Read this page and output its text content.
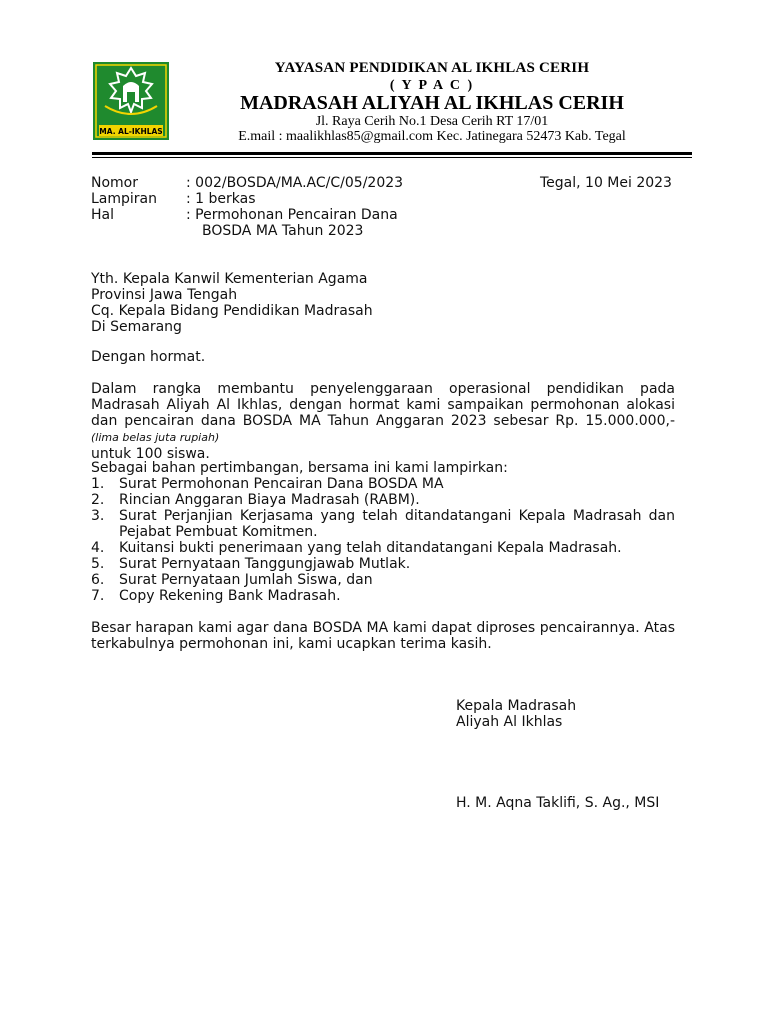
MA. AL-IKHLAS
YAYASAN PENDIDIKAN AL IKHLAS CERIH
( Y P A C )
MADRASAH ALIYAH AL IKHLAS CERIH
Jl. Raya Cerih No.1 Desa Cerih RT 17/01
E.mail : maalikhlas85@gmail.com Kec. Jatinegara 52473 Kab. Tegal
Nomor	: 002/BOSDA/MA.AC/C/05/2023	Tegal, 10 Mei 2023
Lampiran : 1 berkas
Hal	: Permohonan Pencairan Dana
BOSDA MA Tahun 2023
Yth. Kepala Kanwil Kementerian Agama
Provinsi Jawa Tengah
Cq. Kepala Bidang Pendidikan Madrasah
Di Semarang
Dengan hormat.
Dalam rangka membantu penyelenggaraan operasional pendidikan pada Madrasah Aliyah Al Ikhlas, dengan hormat kami sampaikan permohonan alokasi dan pencairan dana BOSDA MA Tahun Anggaran 2023 sebesar Rp. 15.000.000,- (lima belas juta rupiah)
untuk 100 siswa.
Sebagai bahan pertimbangan, bersama ini kami lampirkan:
1. Surat Permohonan Pencairan Dana BOSDA MA
2. Rincian Anggaran Biaya Madrasah (RABM).
3. Surat Perjanjian Kerjasama yang telah ditandatangani Kepala Madrasah dan Pejabat Pembuat Komitmen.
4. Kuitansi bukti penerimaan yang telah ditandatangani Kepala Madrasah.
5. Surat Pernyataan Tanggungjawab Mutlak.
6. Surat Pernyataan Jumlah Siswa, dan
7. Copy Rekening Bank Madrasah.
Besar harapan kami agar dana BOSDA MA kami dapat diproses pencairannya. Atas terkabulnya permohonan ini, kami ucapkan terima kasih.
Kepala Madrasah
Aliyah Al Ikhlas
H. M. Aqna Taklifi, S. Ag., MSI
